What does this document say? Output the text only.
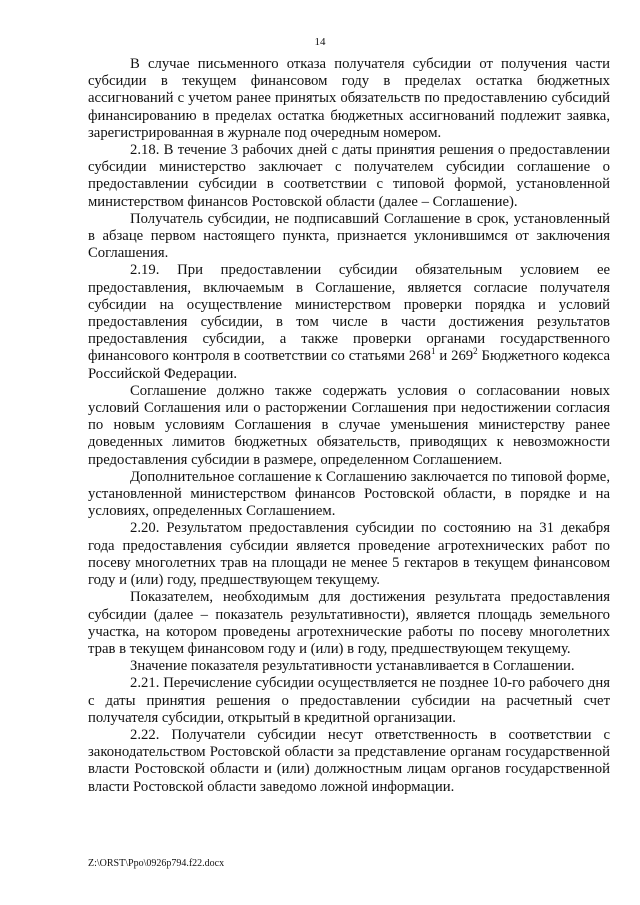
14

В случае письменного отказа получателя субсидии от получения части субсидии в текущем финансовом году в пределах остатка бюджетных ассигнований с учетом ранее принятых обязательств по предоставлению субсидий финансированию в пределах остатка бюджетных ассигнований подлежит заявка, зарегистрированная в журнале под очередным номером.

2.18. В течение 3 рабочих дней с даты принятия решения о предоставлении субсидии министерство заключает с получателем субсидии соглашение о предоставлении субсидии в соответствии с типовой формой, установленной министерством финансов Ростовской области (далее – Соглашение).

Получатель субсидии, не подписавший Соглашение в срок, установленный в абзаце первом настоящего пункта, признается уклонившимся от заключения Соглашения.

2.19. При предоставлении субсидии обязательным условием ее предоставления, включаемым в Соглашение, является согласие получателя субсидии на осуществление министерством проверки порядка и условий предоставления субсидии, в том числе в части достижения результатов предоставления субсидии, а также проверки органами государственного финансового контроля в соответствии со статьями $268^1$ и $269^2$ Бюджетного кодекса Российской Федерации.

Соглашение должно также содержать условия о согласовании новых условий Соглашения или о расторжении Соглашения при недостижении согласия по новым условиям Соглашения в случае уменьшения министерству ранее доведенных лимитов бюджетных обязательств, приводящих к невозможности предоставления субсидии в размере, определенном Соглашением.

Дополнительное соглашение к Соглашению заключается по типовой форме, установленной министерством финансов Ростовской области, в порядке и на условиях, определенных Соглашением.

2.20. Результатом предоставления субсидии по состоянию на 31 декабря года предоставления субсидии является проведение агротехнических работ по посеву многолетних трав на площади не менее 5 гектаров в текущем финансовом году и (или) году, предшествующем текущему.

Показателем, необходимым для достижения результата предоставления субсидии (далее – показатель результативности), является площадь земельного участка, на котором проведены агротехнические работы по посеву многолетних трав в текущем финансовом году и (или) в году, предшествующем текущему.

Значение показателя результативности устанавливается в Соглашении.

2.21. Перечисление субсидии осуществляется не позднее 10-го рабочего дня с даты принятия решения о предоставлении субсидии на расчетный счет получателя субсидии, открытый в кредитной организации.

2.22. Получатели субсидии несут ответственность в соответствии с законодательством Ростовской области за представление органам государственной власти Ростовской области и (или) должностным лицам органов государственной власти Ростовской области заведомо ложной информации.

Z:\ORST\Ppo\0926p794.f22.docx
